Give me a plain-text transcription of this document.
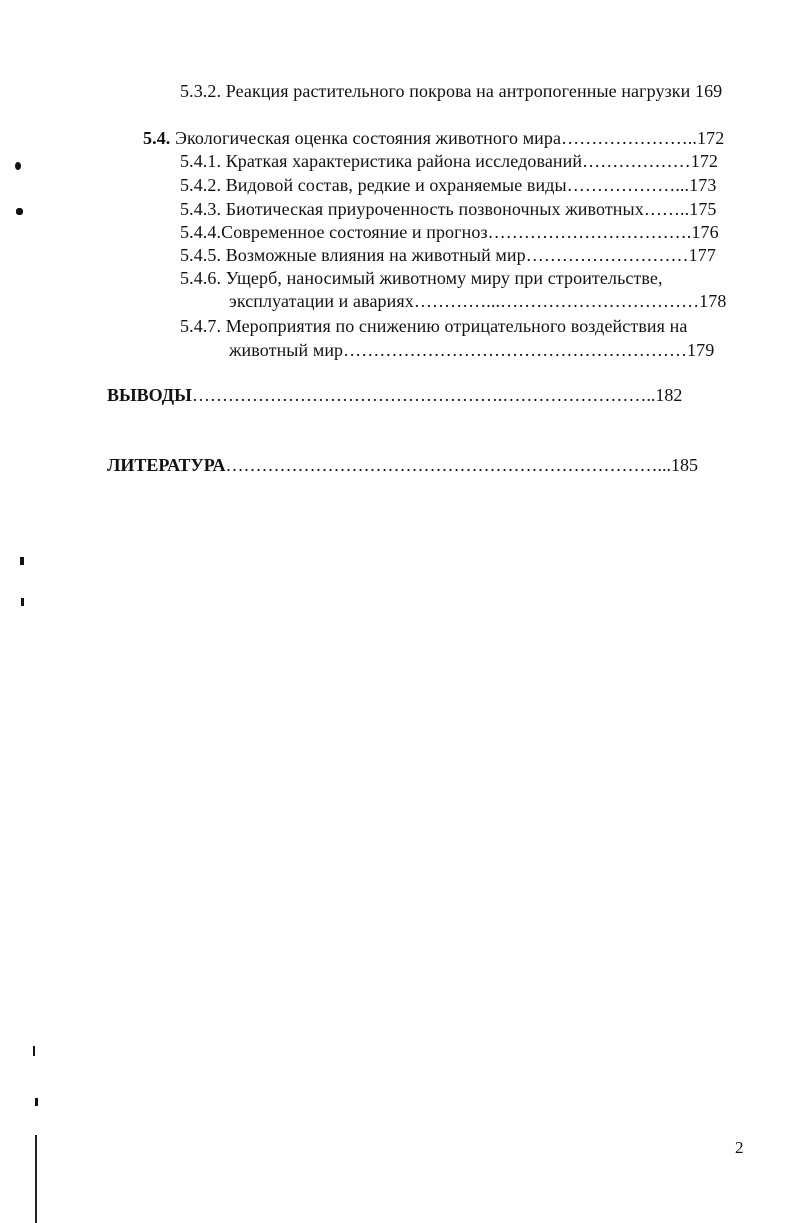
5.3.2. Реакция растительного покрова на антропогенные нагрузки 169
5.4. Экологическая оценка состояния животного мира…………………..172
5.4.1. Краткая характеристика района исследований………………172
5.4.2. Видовой состав, редкие и охраняемые виды………………...173
5.4.3. Биотическая приуроченность позвоночных животных……..175
5.4.4.Современное состояние и прогноз…………………………….176
5.4.5. Возможные влияния на животный мир………………………177
5.4.6. Ущерб, наносимый животному миру при строительстве,
эксплуатации и авариях…………...……………………………178
5.4.7. Мероприятия по снижению отрицательного воздействия на
животный мир…………………………………………………179
ВЫВОДЫ…………………………………………….……………………..182
ЛИТЕРАТУРА………………………………………………………………...185
2
